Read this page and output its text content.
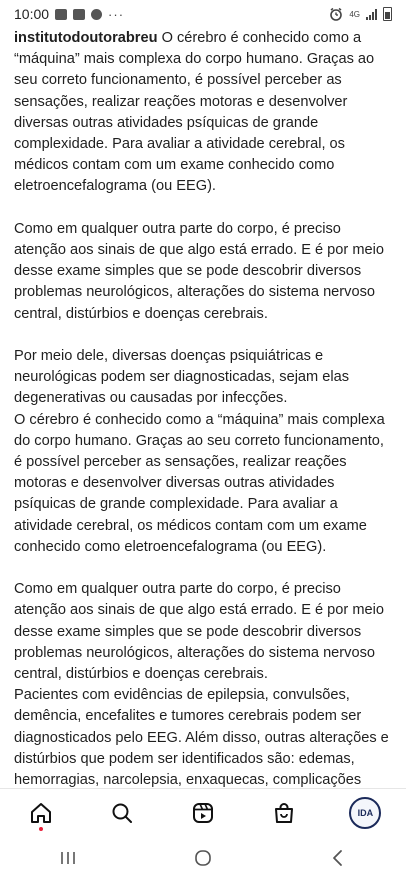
10:00	···	4G

institutodoutorabreu O cérebro é conhecido como a “máquina” mais complexa do corpo humano. Graças ao seu correto funcionamento, é possível perceber as sensações, realizar reações motoras e desenvolver diversas outras atividades psíquicas de grande complexidade. Para avaliar a atividade cerebral, os médicos contam com um exame conhecido como eletroencefalograma (ou EEG).

Como em qualquer outra parte do corpo, é preciso atenção aos sinais de que algo está errado. E é por meio desse exame simples que se pode descobrir diversos problemas neurológicos, alterações do sistema nervoso central, distúrbios e doenças cerebrais.

Por meio dele, diversas doenças psiquiátricas e neurológicas podem ser diagnosticadas, sejam elas degenerativas ou causadas por infecções.

O cérebro é conhecido como a “máquina” mais complexa do corpo humano. Graças ao seu correto funcionamento, é possível perceber as sensações, realizar reações motoras e desenvolver diversas outras atividades psíquicas de grande complexidade. Para avaliar a atividade cerebral, os médicos contam com um exame conhecido como eletroencefalograma (ou EEG).

Como em qualquer outra parte do corpo, é preciso atenção aos sinais de que algo está errado. E é por meio desse exame simples que se pode descobrir diversos problemas neurológicos, alterações do sistema nervoso central, distúrbios e doenças cerebrais.

Pacientes com evidências de epilepsia, convulsões, demência, encefalites e tumores cerebrais podem ser diagnosticados pelo EEG. Além disso, outras alterações e distúrbios que podem ser identificados são: edemas, hemorragias, narcolepsia, enxaquecas, complicações

IDA
